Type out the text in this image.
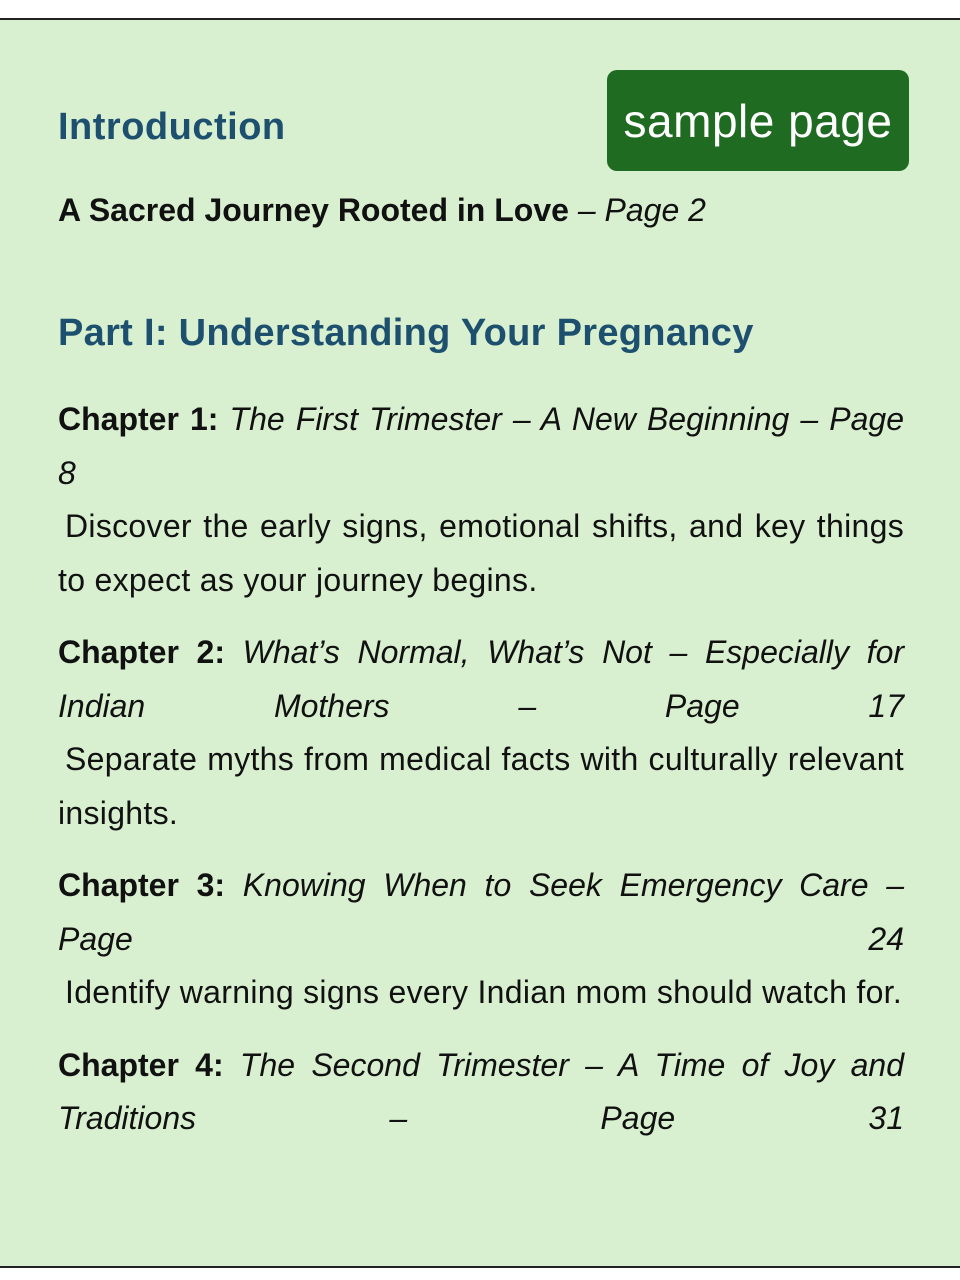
sample page
Introduction

A Sacred Journey Rooted in Love – Page 2

Part I: Understanding Your Pregnancy
Chapter 1: The First Trimester – A New Beginning – Page 8
Discover the early signs, emotional shifts, and key things to expect as your journey begins.
Chapter 2: What’s Normal, What’s Not – Especially for Indian Mothers – Page 17
Separate myths from medical facts with culturally relevant insights.
Chapter 3: Knowing When to Seek Emergency Care – Page 24
Identify warning signs every Indian mom should watch for.
Chapter 4: The Second Trimester – A Time of Joy and Traditions – Page 31
